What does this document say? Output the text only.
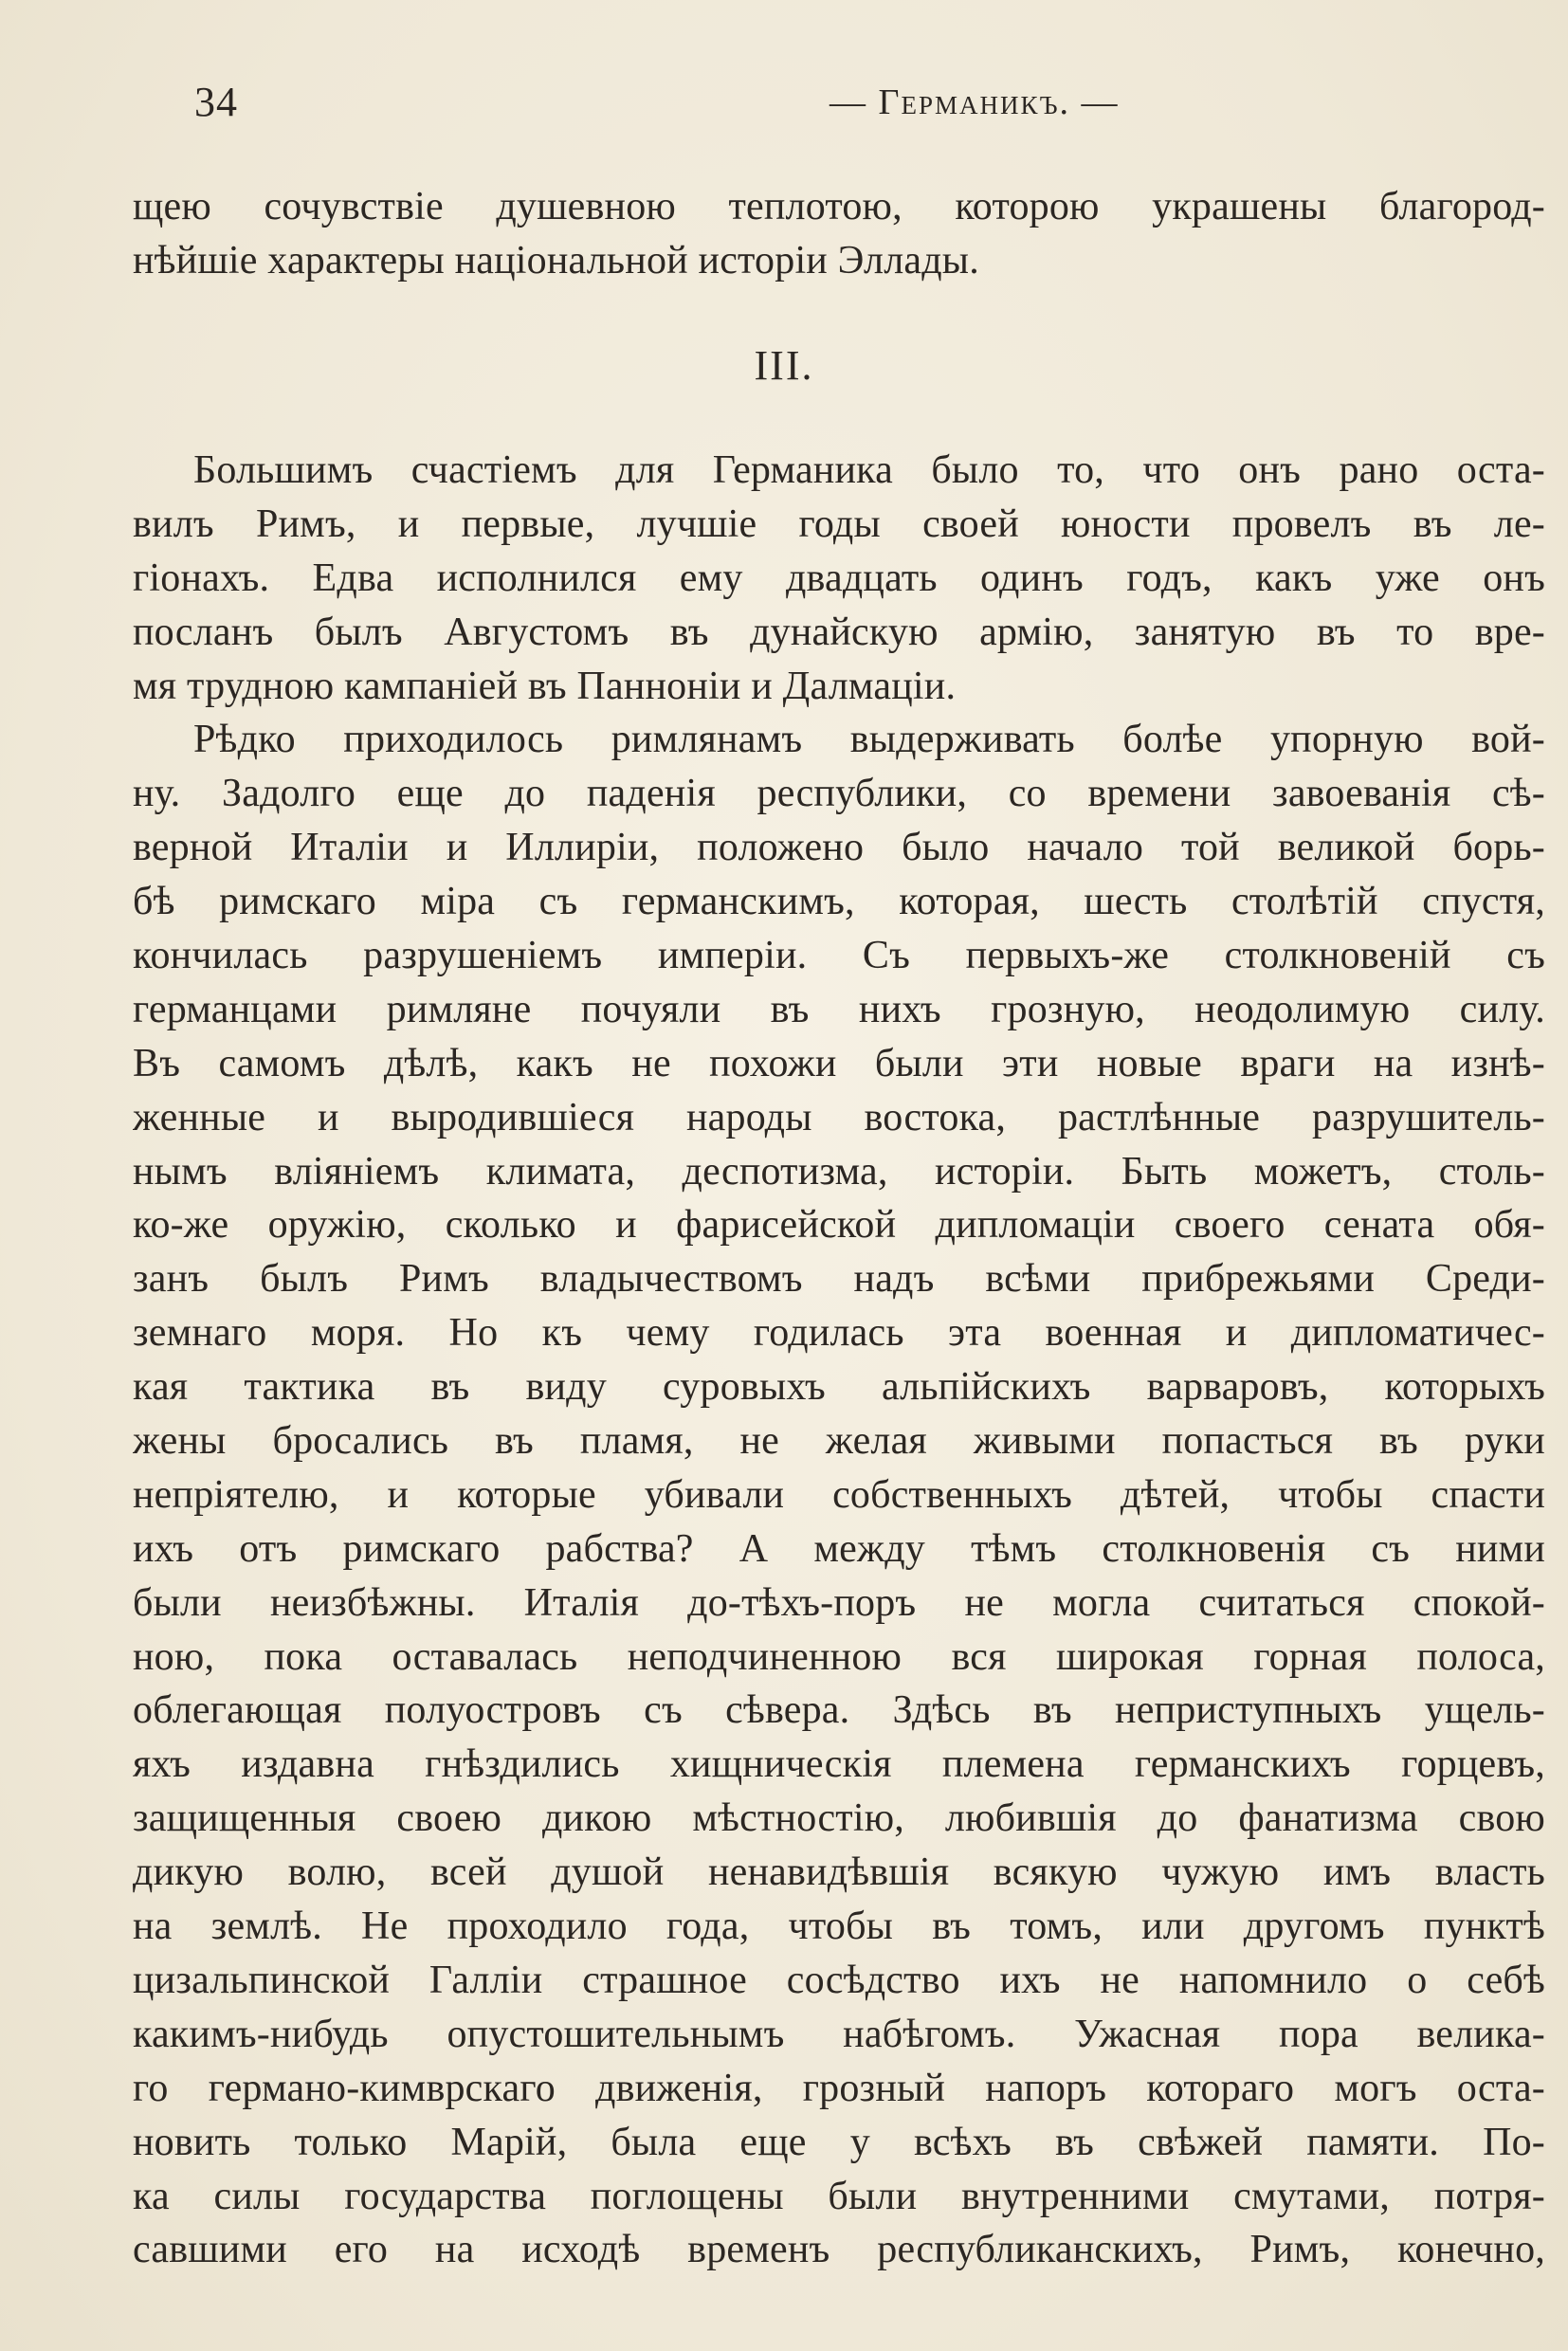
34	— Германикъ. —
щею сочувствіе душевною теплотою, которою украшены благород-
нѣйшіе характеры національной исторіи Эллады.
III.
Большимъ счастіемъ для Германика было то, что онъ рано оста-
вилъ Римъ, и первые, лучшіе годы своей юности провелъ въ ле-
гіонахъ. Едва исполнился ему двадцать одинъ годъ, какъ уже онъ
посланъ былъ Августомъ въ дунайскую армію, занятую въ то вре-
мя трудною кампаніей въ Панноніи и Далмаціи.
Рѣдко приходилось римлянамъ выдерживать болѣе упорную вой-
ну. Задолго еще до паденія республики, со времени завоеванія сѣ-
верной Италіи и Иллиріи, положено было начало той великой борь-
бѣ римскаго міра съ германскимъ, которая, шесть столѣтій спустя,
кончилась разрушеніемъ имперіи. Съ первыхъ-же столкновеній съ
германцами римляне почуяли въ нихъ грозную, неодолимую силу.
Въ самомъ дѣлѣ, какъ не похожи были эти новые враги на изнѣ-
женные и выродившіеся народы востока, растлѣнные разрушитель-
нымъ вліяніемъ климата, деспотизма, исторіи. Быть можетъ, столь-
ко-же оружію, сколько и фарисейской дипломаціи своего сената обя-
занъ былъ Римъ владычествомъ надъ всѣми прибрежьями Среди-
земнаго моря. Но къ чему годилась эта военная и дипломатичес-
кая тактика въ виду суровыхъ альпійскихъ варваровъ, которыхъ
жены бросались въ пламя, не желая живыми попасться въ руки
непріятелю, и которые убивали собственныхъ дѣтей, чтобы спасти
ихъ отъ римскаго рабства? А между тѣмъ столкновенія съ ними
были неизбѣжны. Италія до-тѣхъ-поръ не могла считаться спокой-
ною, пока оставалась неподчиненною вся широкая горная полоса,
облегающая полуостровъ съ сѣвера. Здѣсь въ неприступныхъ ущель-
яхъ издавна гнѣздились хищническія племена германскихъ горцевъ,
защищенныя своею дикою мѣстностію, любившія до фанатизма свою
дикую волю, всей душой ненавидѣвшія всякую чужую имъ власть
на землѣ. Не проходило года, чтобы въ томъ, или другомъ пунктѣ
цизальпинской Галліи страшное сосѣдство ихъ не напомнило о себѣ
какимъ-нибудь опустошительнымъ набѣгомъ. Ужасная пора велика-
го германо-кимврскаго движенія, грозный напоръ котораго могъ оста-
новить только Марій, была еще у всѣхъ въ свѣжей памяти. По-
ка силы государства поглощены были внутренними смутами, потря-
савшими его на исходѣ временъ республиканскихъ, Римъ, конечно,
